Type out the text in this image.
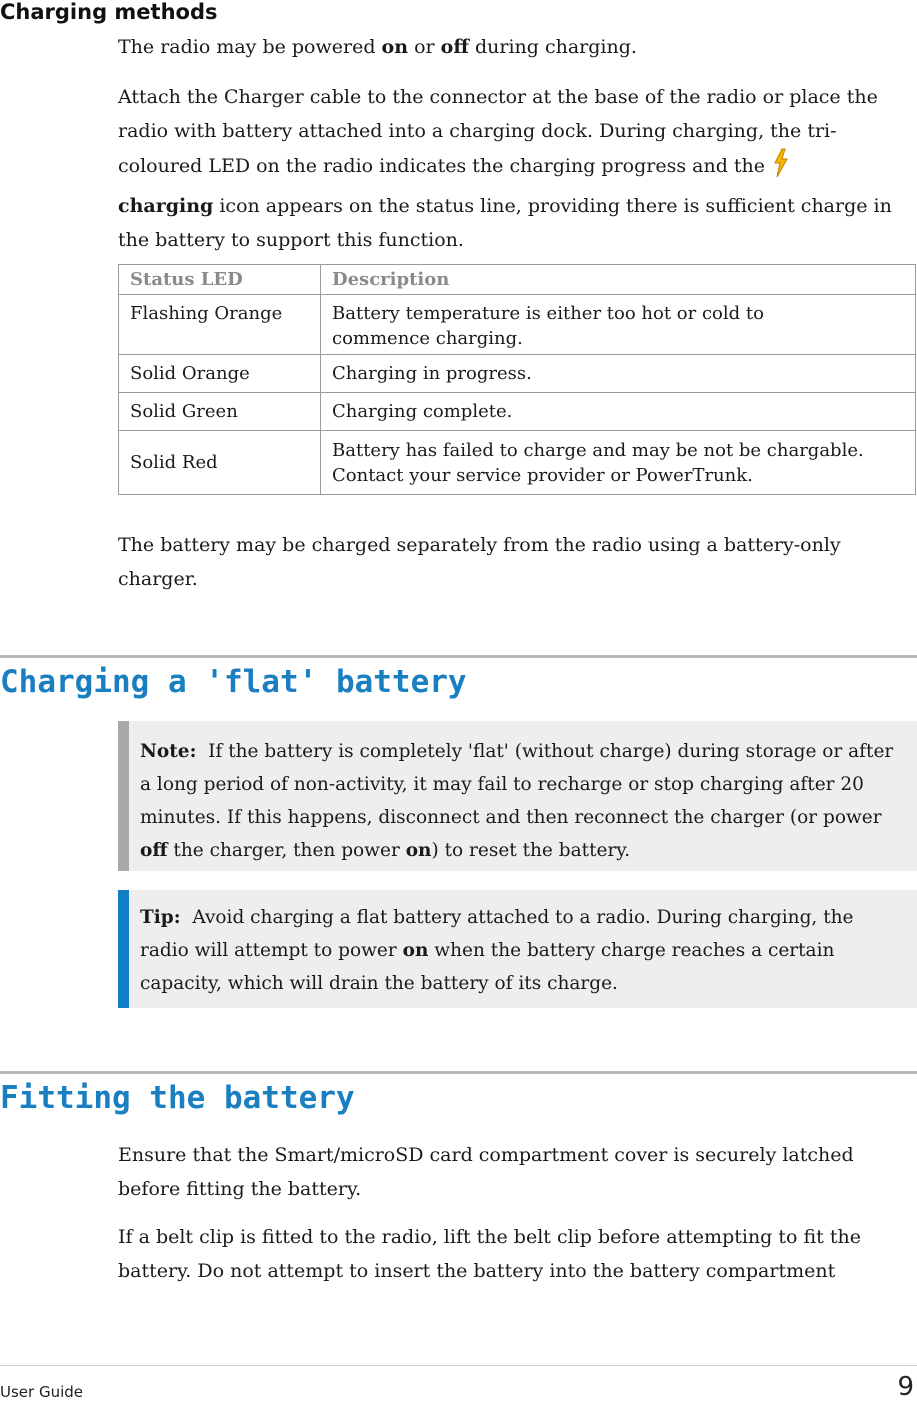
Charging methods

The radio may be powered on or off during charging.

Attach the Charger cable to the connector at the base of the radio or place the radio with battery attached into a charging dock. During charging, the tri-coloured LED on the radio indicates the charging progress and the
charging icon appears on the status line, providing there is sufficient charge in the battery to support this function.

Status LED	Description
Flashing Orange	Battery temperature is either too hot or cold to commence charging.
Solid Orange	Charging in progress.
Solid Green	Charging complete.
Solid Red	Battery has failed to charge and may be not be chargable. Contact your service provider or PowerTrunk.

The battery may be charged separately from the radio using a battery-only charger.

Charging a 'flat' battery
Note: If the battery is completely 'flat' (without charge) during storage or after a long period of non-activity, it may fail to recharge or stop charging after 20 minutes. If this happens, disconnect and then reconnect the charger (or power off the charger, then power on) to reset the battery.
Tip: Avoid charging a flat battery attached to a radio. During charging, the radio will attempt to power on when the battery charge reaches a certain capacity, which will drain the battery of its charge.
Fitting the battery

Ensure that the Smart/microSD card compartment cover is securely latched before fitting the battery.

If a belt clip is fitted to the radio, lift the belt clip before attempting to fit the battery. Do not attempt to insert the battery into the battery compartment

User Guide	9
